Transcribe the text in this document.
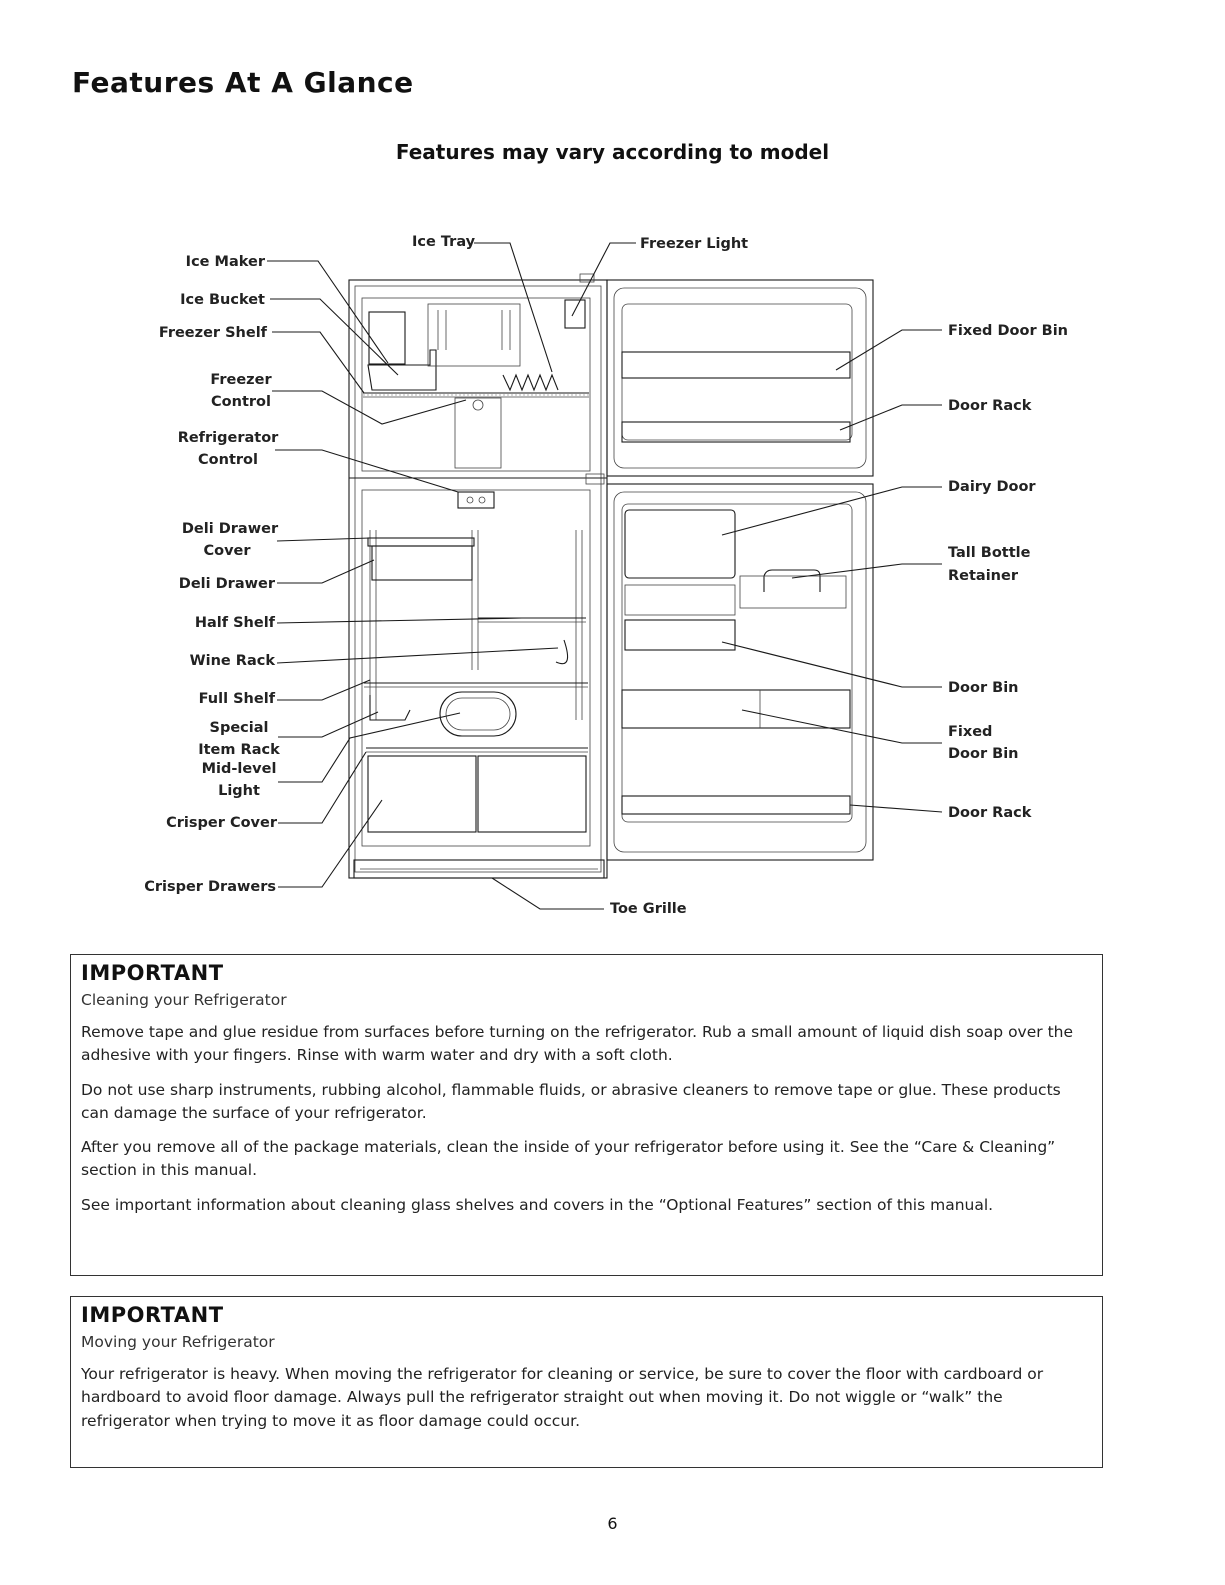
Features At A Glance
Features may vary according to model
Ice Maker
Ice Bucket
Freezer Shelf
Freezer
Control
Refrigerator
Control
Deli Drawer
Cover
Deli Drawer
Half Shelf
Wine Rack
Full Shelf
Special
Item Rack
Mid-level
Light
Crisper Cover
Crisper Drawers
Ice Tray	Freezer Light
Fixed Door Bin
Door Rack
Dairy Door
Tall Bottle
Retainer
Door Bin
Fixed
Door Bin
Door Rack
Toe Grille
IMPORTANT
Cleaning your Refrigerator

Remove tape and glue residue from surfaces before turning on the refrigerator. Rub a small amount of liquid dish soap over the adhesive with your fingers. Rinse with warm water and dry with a soft cloth.

Do not use sharp instruments, rubbing alcohol, flammable fluids, or abrasive cleaners to remove tape or glue. These products can damage the surface of your refrigerator.

After you remove all of the package materials, clean the inside of your refrigerator before using it. See the “Care & Cleaning” section in this manual.

See important information about cleaning glass shelves and covers in the “Optional Features” section of this manual.

IMPORTANT
Moving your Refrigerator

Your refrigerator is heavy. When moving the refrigerator for cleaning or service, be sure to cover the floor with cardboard or hardboard to avoid floor damage. Always pull the refrigerator straight out when moving it. Do not wiggle or “walk” the refrigerator when trying to move it as floor damage could occur.

6
